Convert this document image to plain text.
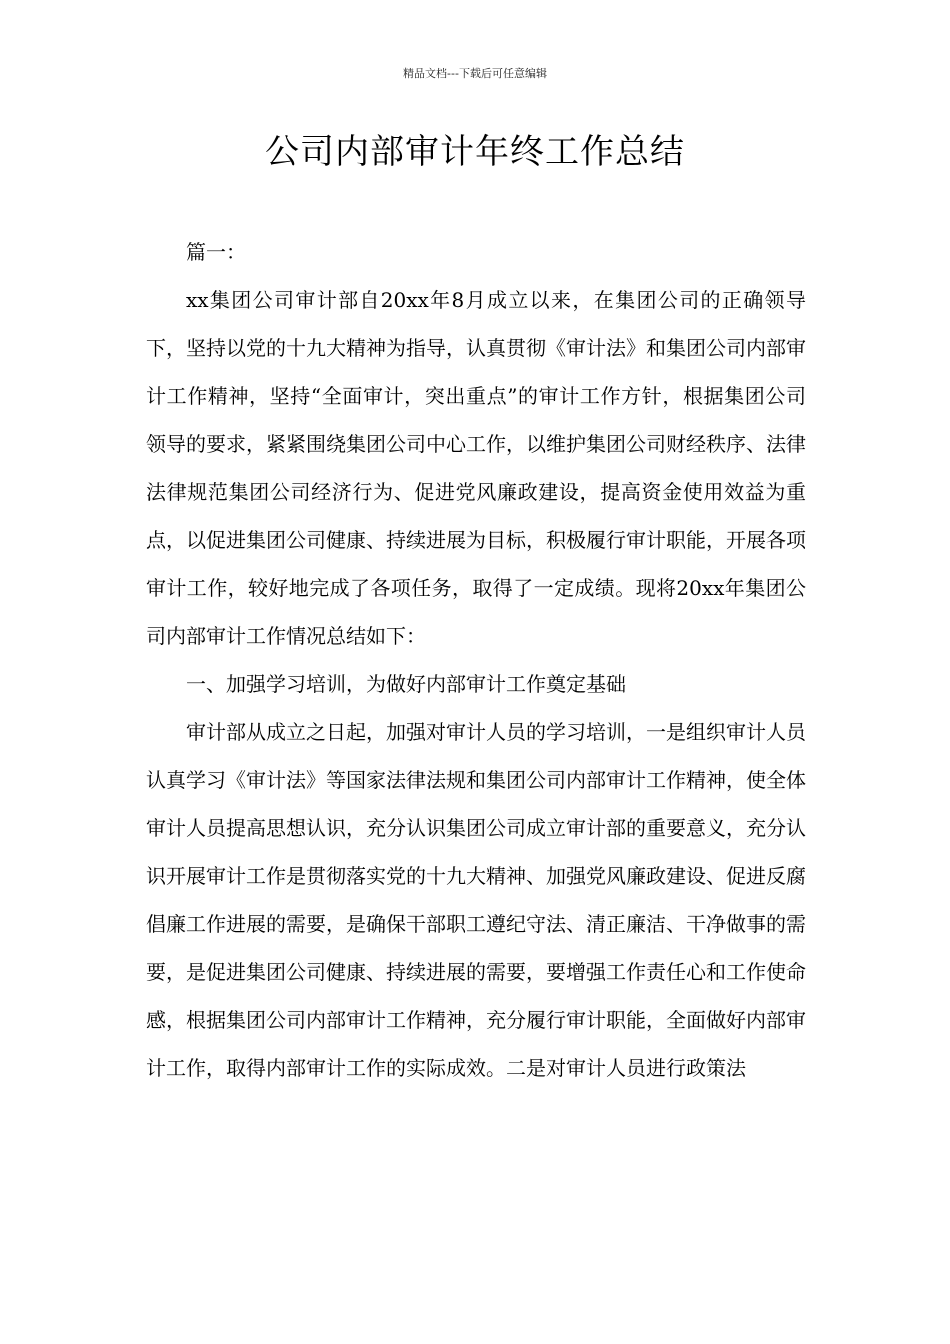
精品文档---下载后可任意编辑
公司内部审计年终工作总结

篇一：

xx集团公司审计部自20xx年8月成立以来，在集团公司的正确领导下，坚持以党的十九大精神为指导，认真贯彻《审计法》和集团公司内部审计工作精神，坚持“全面审计，突出重点”的审计工作方针，根据集团公司领导的要求，紧紧围绕集团公司中心工作，以维护集团公司财经秩序、法律法律规范集团公司经济行为、促进党风廉政建设，提高资金使用效益为重点，以促进集团公司健康、持续进展为目标，积极履行审计职能，开展各项审计工作，较好地完成了各项任务，取得了一定成绩。现将20xx年集团公司内部审计工作情况总结如下：

一、加强学习培训，为做好内部审计工作奠定基础

审计部从成立之日起，加强对审计人员的学习培训，一是组织审计人员认真学习《审计法》等国家法律法规和集团公司内部审计工作精神，使全体审计人员提高思想认识，充分认识集团公司成立审计部的重要意义，充分认识开展审计工作是贯彻落实党的十九大精神、加强党风廉政建设、促进反腐倡廉工作进展的需要，是确保干部职工遵纪守法、清正廉洁、干净做事的需要，是促进集团公司健康、持续进展的需要，要增强工作责任心和工作使命感，根据集团公司内部审计工作精神，充分履行审计职能，全面做好内部审计工作，取得内部审计工作的实际成效。二是对审计人员进行政策法
